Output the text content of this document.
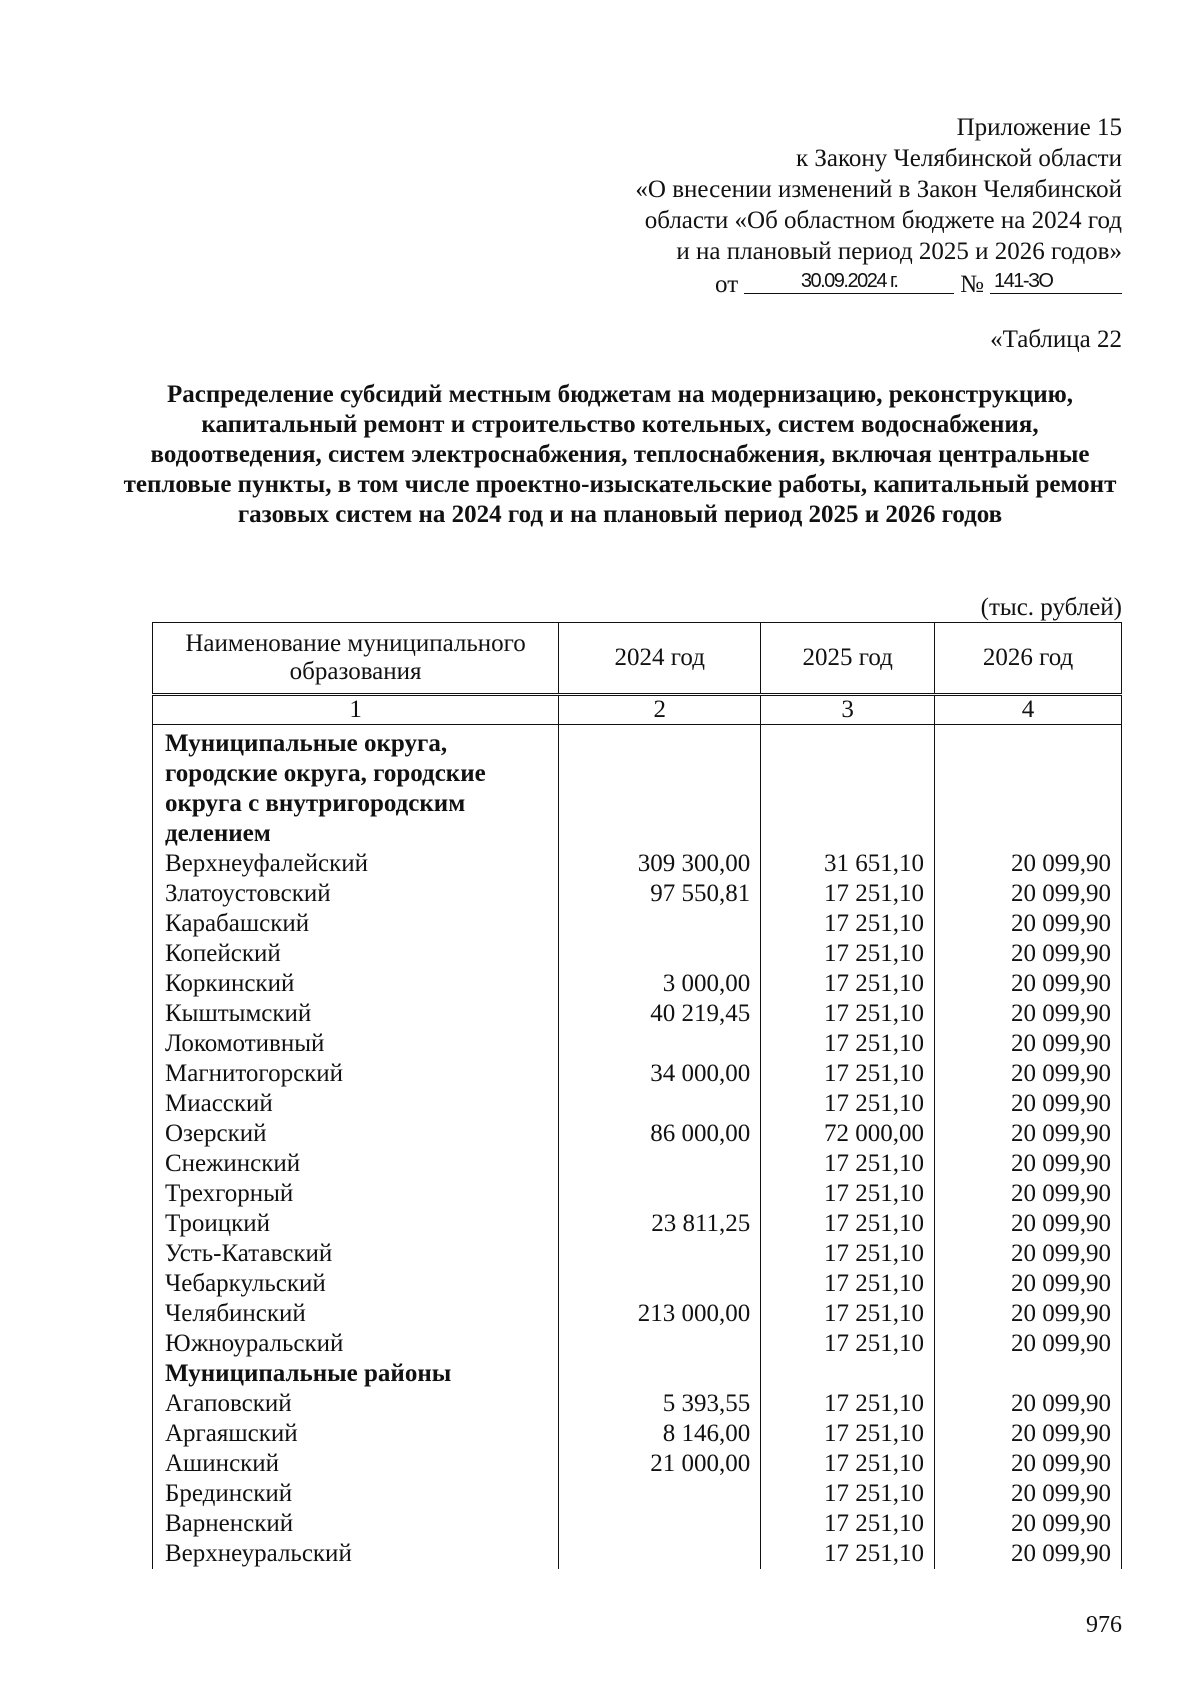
Приложение 15
к Закону Челябинской области
«О внесении изменений в Закон Челябинской
области «Об областном бюджете на 2024 год
и на плановый период 2025 и 2026 годов»
от	30.09.2024 г.	№ 141-ЗО
«Таблица 22
Распределение субсидий местным бюджетам на модернизацию, реконструкцию, капитальный ремонт и строительство котельных, систем водоснабжения, водоотведения, систем электроснабжения, теплоснабжения, включая центральные тепловые пункты, в том числе проектно-изыскательские работы, капитальный ремонт газовых систем на 2024 год и на плановый период 2025 и 2026 годов
(тыс. рублей)
Наименование муниципального образования	2024 год	2025 год	2026 год
1	2	3	4
Муниципальные округа, городские округа, городские округа с внутригородским делением			
Верхнеуфалейский	309 300,00	31 651,10	20 099,90
Златоустовский	97 550,81	17 251,10	20 099,90
Карабашский		17 251,10	20 099,90
Копейский		17 251,10	20 099,90
Коркинский	3 000,00	17 251,10	20 099,90
Кыштымский	40 219,45	17 251,10	20 099,90
Локомотивный		17 251,10	20 099,90
Магнитогорский	34 000,00	17 251,10	20 099,90
Миасский		17 251,10	20 099,90
Озерский	86 000,00	72 000,00	20 099,90
Снежинский		17 251,10	20 099,90
Трехгорный		17 251,10	20 099,90
Троицкий	23 811,25	17 251,10	20 099,90
Усть-Катавский		17 251,10	20 099,90
Чебаркульский		17 251,10	20 099,90
Челябинский	213 000,00	17 251,10	20 099,90
Южноуральский		17 251,10	20 099,90
Муниципальные районы			
Агаповский	5 393,55	17 251,10	20 099,90
Аргаяшский	8 146,00	17 251,10	20 099,90
Ашинский	21 000,00	17 251,10	20 099,90
Брединский		17 251,10	20 099,90
Варненский		17 251,10	20 099,90
Верхнеуральский		17 251,10	20 099,90
976
